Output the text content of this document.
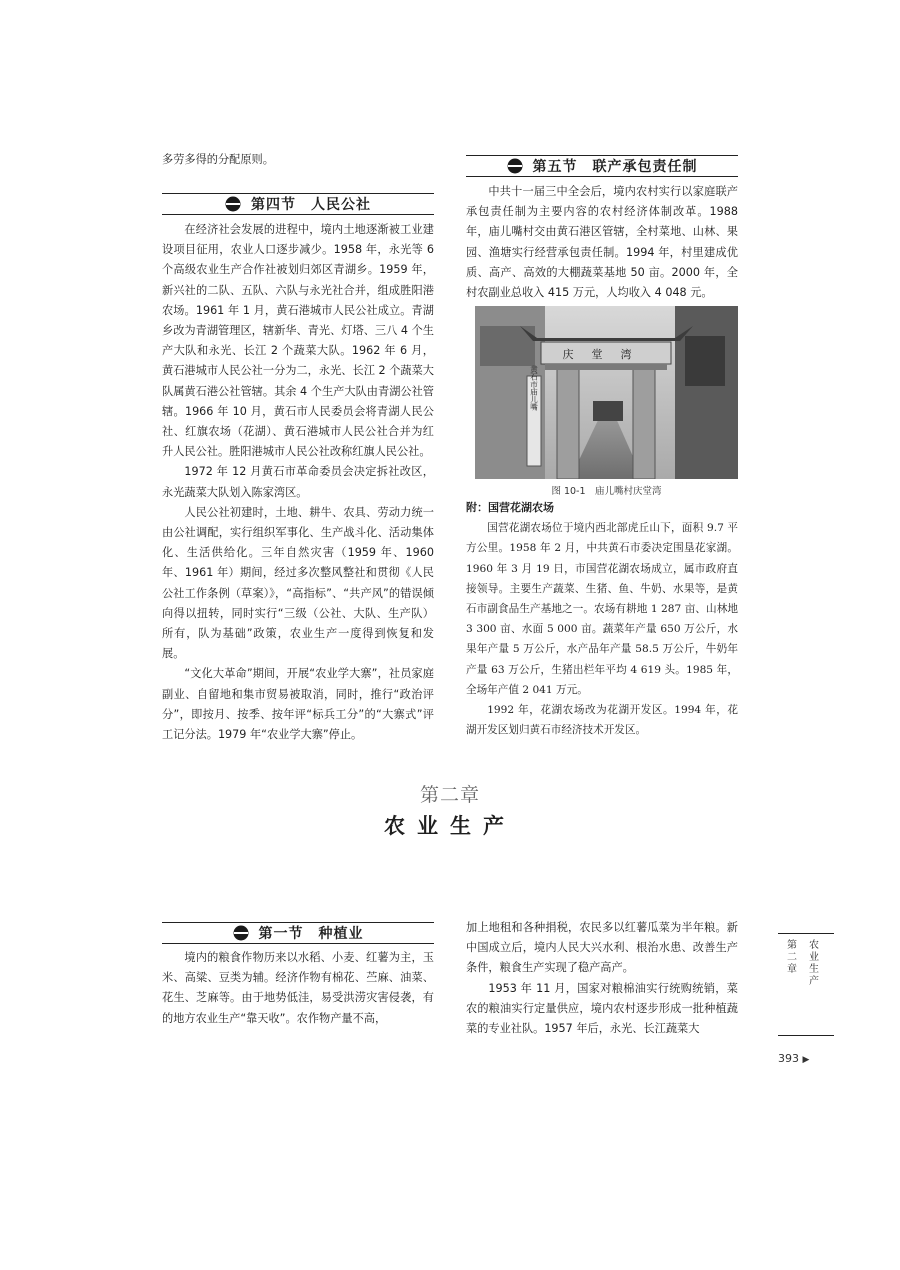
多劳多得的分配原则。

第四节　人民公社

在经济社会发展的进程中，境内土地逐渐被工业建设项目征用，农业人口逐步减少。1958 年，永光等 6 个高级农业生产合作社被划归郊区青湖乡。1959 年，新兴社的二队、五队、六队与永光社合并，组成胜阳港农场。1961 年 1 月，黄石港城市人民公社成立。青湖乡改为青湖管理区，辖新华、青光、灯塔、三八 4 个生产大队和永光、长江 2 个蔬菜大队。1962 年 6 月，黄石港城市人民公社一分为二，永光、长江 2 个蔬菜大队属黄石港公社管辖。其余 4 个生产大队由青湖公社管辖。1966 年 10 月，黄石市人民委员会将青湖人民公社、红旗农场（花湖）、黄石港城市人民公社合并为红升人民公社。胜阳港城市人民公社改称红旗人民公社。

1972 年 12 月黄石市革命委员会决定拆社改区，永光蔬菜大队划入陈家湾区。

人民公社初建时，土地、耕牛、农具、劳动力统一由公社调配，实行组织军事化、生产战斗化、活动集体化、生活供给化。三年自然灾害（1959 年、1960 年、1961 年）期间，经过多次整风整社和贯彻《人民公社工作条例（草案）》，“高指标”、“共产风”的错误倾向得以扭转，同时实行“三级（公社、大队、生产队）所有，队为基础”政策，农业生产一度得到恢复和发展。

“文化大革命”期间，开展“农业学大寨”，社员家庭副业、自留地和集市贸易被取消，同时，推行“政治评分”，即按月、按季、按年评“标兵工分”的“大寨式”评工记分法。1979 年“农业学大寨”停止。

第五节　联产承包责任制

中共十一届三中全会后，境内农村实行以家庭联产承包责任制为主要内容的农村经济体制改革。1988 年，庙儿嘴村交由黄石港区管辖，全村菜地、山林、果园、渔塘实行经营承包责任制。1994 年，村里建成优质、高产、高效的大棚蔬菜基地 50 亩。2000 年，全村农副业总收入 415 万元，人均收入 4 048 元。

黄石市庙儿嘴
庆堂湾
图 10-1　庙儿嘴村庆堂湾

附：国营花湖农场

国营花湖农场位于境内西北部虎丘山下，面积 9.7 平方公里。1958 年 2 月，中共黄石市委决定围垦花家湖。1960 年 3 月 19 日，市国营花湖农场成立，属市政府直接领导。主要生产蔬菜、生猪、鱼、牛奶、水果等，是黄石市副食品生产基地之一。农场有耕地 1 287 亩、山林地 3 300 亩、水面 5 000 亩。蔬菜年产量 650 万公斤，水果年产量 5 万公斤，水产品年产量 58.5 万公斤，牛奶年产量 63 万公斤，生猪出栏年平均 4 619 头。1985 年，全场年产值 2 041 万元。

1992 年，花湖农场改为花湖开发区。1994 年，花湖开发区划归黄石市经济技术开发区。

第二章
农业生产
第一节　种植业

境内的粮食作物历来以水稻、小麦、红薯为主，玉米、高粱、豆类为辅。经济作物有棉花、苎麻、油菜、花生、芝麻等。由于地势低洼，易受洪涝灾害侵袭，有的地方农业生产“靠天收”。农作物产量不高，

加上地租和各种捐税，农民多以红薯瓜菜为半年粮。新中国成立后，境内人民大兴水利、根治水患、改善生产条件，粮食生产实现了稳产高产。

1953 年 11 月，国家对粮棉油实行统购统销，菜农的粮油实行定量供应，境内农村逐步形成一批种植蔬菜的专业社队。1957 年后，永光、长江蔬菜大

第
二
章
农
业
生
产
393 ▶
